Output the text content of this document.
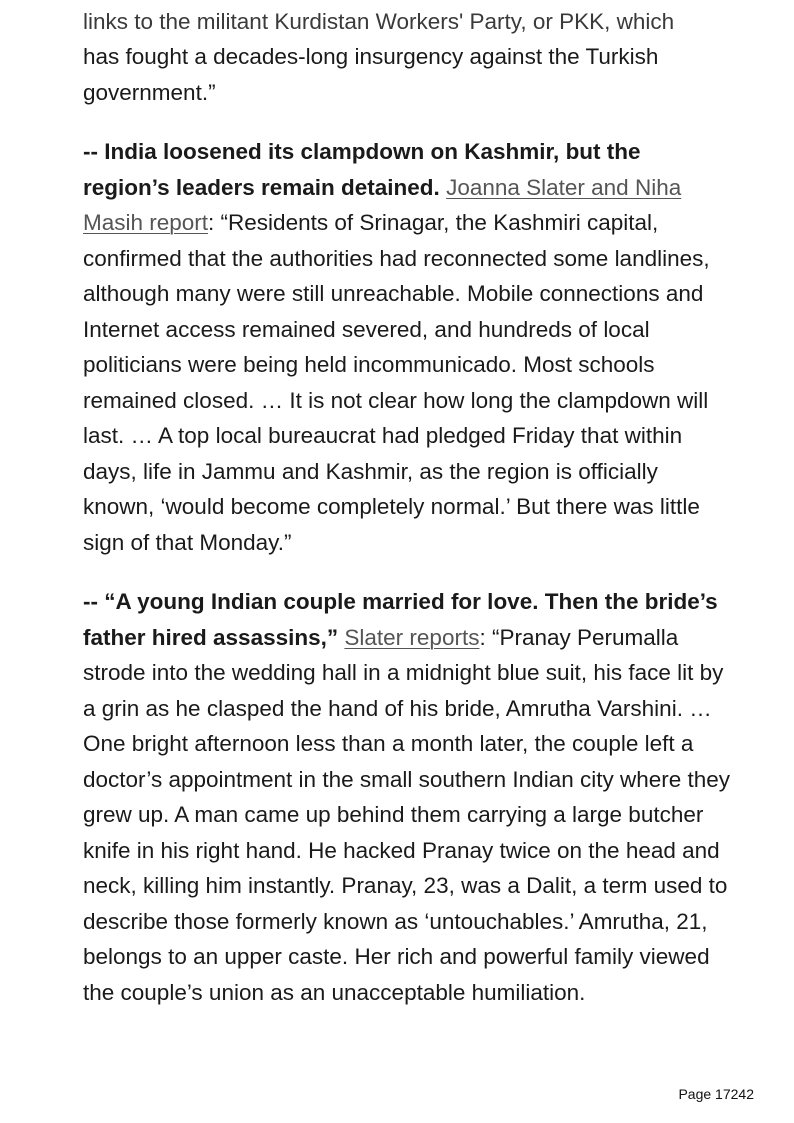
links to the militant Kurdistan Workers' Party, or PKK, which

has fought a decades-long insurgency against the Turkish government.”

-- India loosened its clampdown on Kashmir, but the region’s leaders remain detained. Joanna Slater and Niha Masih report: “Residents of Srinagar, the Kashmiri capital, confirmed that the authorities had reconnected some landlines, although many were still unreachable. Mobile connections and Internet access remained severed, and hundreds of local politicians were being held incommunicado. Most schools remained closed. … It is not clear how long the clampdown will last. … A top local bureaucrat had pledged Friday that within days, life in Jammu and Kashmir, as the region is officially known, ‘would become completely normal.’ But there was little sign of that Monday.”

-- “A young Indian couple married for love. Then the bride’s father hired assassins,” Slater reports: “Pranay Perumalla strode into the wedding hall in a midnight blue suit, his face lit by a grin as he clasped the hand of his bride, Amrutha Varshini. … One bright afternoon less than a month later, the couple left a doctor’s appointment in the small southern Indian city where they grew up. A man came up behind them carrying a large butcher knife in his right hand. He hacked Pranay twice on the head and neck, killing him instantly. Pranay, 23, was a Dalit, a term used to describe those formerly known as ‘untouchables.’ Amrutha, 21, belongs to an upper caste. Her rich and powerful family viewed the couple’s union as an unacceptable humiliation.

Page 17242
